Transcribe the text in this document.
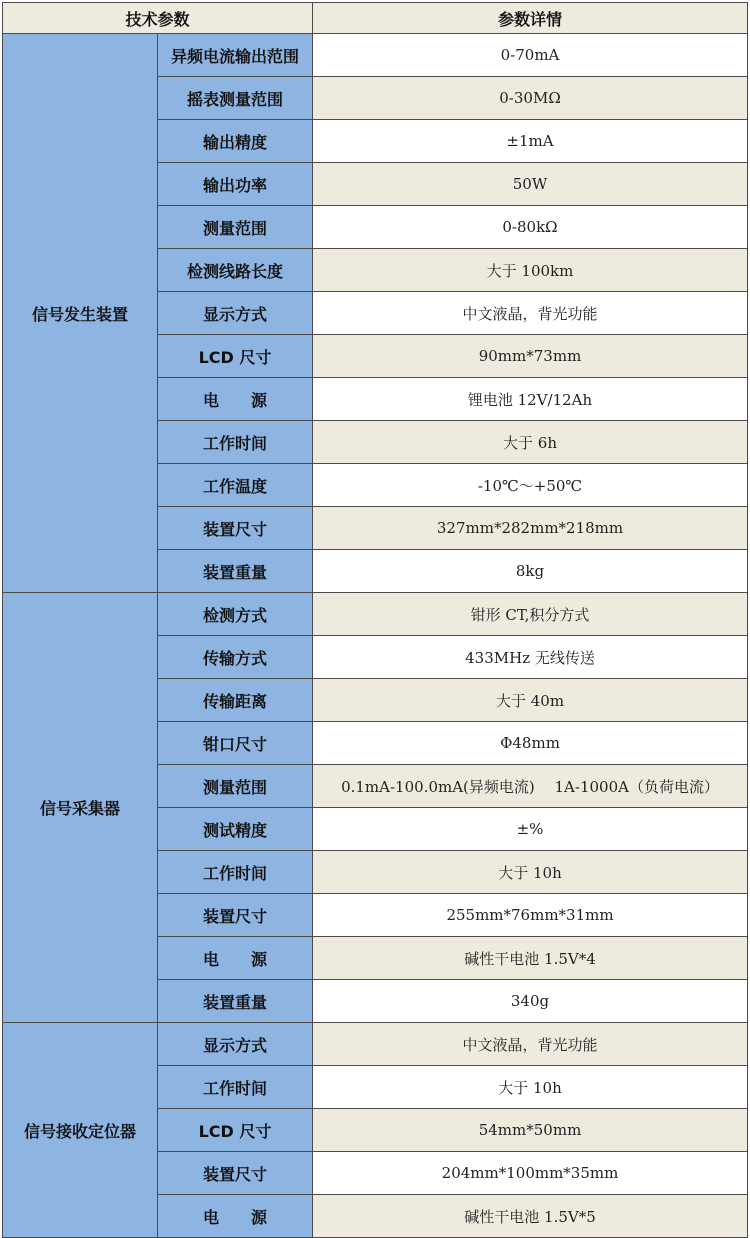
技术参数		参数详情
信号发生装置	异频电流输出范围	0-70mA
	摇表测量范围	0-30MΩ
	输出精度	±1mA
	输出功率	50W
	测量范围	0-80kΩ
	检测线路长度	大于 100km
	显示方式	中文液晶，背光功能
	LCD 尺寸	90mm*73mm
	电　　源	锂电池 12V/12Ah
	工作时间	大于 6h
	工作温度	-10℃～+50℃
	装置尺寸	327mm*282mm*218mm
	装置重量	8kg
信号采集器	检测方式	钳形 CT,积分方式
	传输方式	433MHz 无线传送
	传输距离	大于 40m
	钳口尺寸	Φ48mm
	测量范围	0.1mA-100.0mA(异频电流)　 1A-1000A（负荷电流）
	测试精度	±%
	工作时间	大于 10h
	装置尺寸	255mm*76mm*31mm
	电　　源	碱性干电池 1.5V*4
	装置重量	340g
信号接收定位器	显示方式	中文液晶，背光功能
	工作时间	大于 10h
	LCD 尺寸	54mm*50mm
	装置尺寸	204mm*100mm*35mm
	电　　源	碱性干电池 1.5V*5
